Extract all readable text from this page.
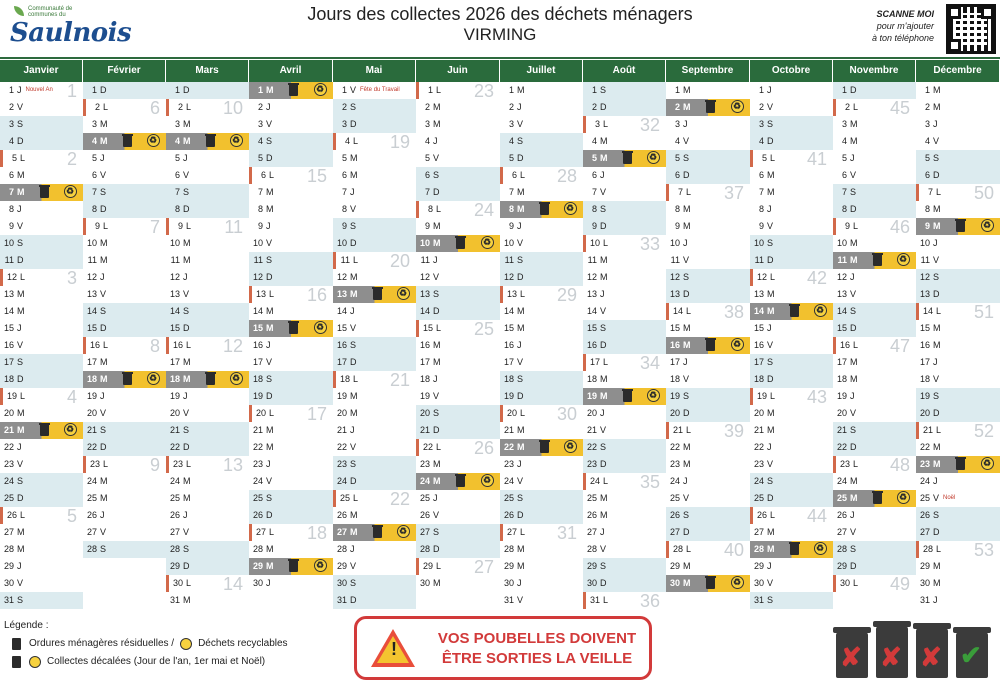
Communauté de communes du
Saulnois
Jours des collectes 2026 des déchets ménagers
VIRMING
SCANNE MOI
pour m'ajouter
à ton téléphone
Janvier
1 J $^{Nouvel An}$ 1
2 V
3 S
4 D
5 L 2
6 M
7 M
♻
8 J
9 V
10 S
11 D
12 L 3
13 M
14 M
15 J
16 V
17 S
18 D
19 L 4
20 M
21 M
♻
22 J
23 V
24 S
25 D
26 L 5
27 M
28 M
29 J
30 V
31 S
Février
1 D
2 L 6
3 M
4 M
♻
5 J
6 V
7 S
8 D
9 L 7
10 M
11 M
12 J
13 V
14 S
15 D
16 L 8
17 M
18 M
♻
19 J
20 V
21 S
22 D
23 L 9
24 M
25 M
26 J
27 V
28 S
Mars
1 D
2 L 10
3 M
4 M
♻
5 J
6 V
7 S
8 D
9 L 11
10 M
11 M
12 J
13 V
14 S
15 D
16 L 12
17 M
18 M
♻
19 J
20 V
21 S
22 D
23 L 13
24 M
25 M
26 J
27 V
28 S
29 D
30 L 14
31 M
Avril
1 M
♻
2 J
3 V
4 S
5 D
6 L 15
7 M
8 M
9 J
10 V
11 S
12 D
13 L 16
14 M
15 M
♻
16 J
17 V
18 S
19 D
20 L 17
21 M
22 M
23 J
24 V
25 S
26 D
27 L 18
28 M
29 M
♻
30 J
Mai
1 V $^{Fête du Travail}$
2 S
3 D
4 L 19
5 M
6 M
7 J
8 V
9 S
10 D
11 L 20
12 M
13 M
♻
14 J
15 V
16 S
17 D
18 L 21
19 M
20 M
21 J
22 V
23 S
24 D
25 L 22
26 M
27 M
♻
28 J
29 V
30 S
31 D
Juin
1 L 23
2 M
3 M
4 J
5 V
6 S
7 D
8 L 24
9 M
10 M
♻
11 J
12 V
13 S
14 D
15 L 25
16 M
17 M
18 J
19 V
20 S
21 D
22 L 26
23 M
24 M
♻
25 J
26 V
27 S
28 D
29 L 27
30 M
Juillet
1 M
2 J
3 V
4 S
5 D
6 L 28
7 M
8 M
♻
9 J
10 V
11 S
12 D
13 L 29
14 M
15 M
16 J
17 V
18 S
19 D
20 L 30
21 M
22 M
♻
23 J
24 V
25 S
26 D
27 L 31
28 M
29 M
30 J
31 V
Août
1 S
2 D
3 L 32
4 M
5 M
♻
6 J
7 V
8 S
9 D
10 L 33
11 M
12 M
13 J
14 V
15 S
16 D
17 L 34
18 M
19 M
♻
20 J
21 V
22 S
23 D
24 L 35
25 M
26 M
27 J
28 V
29 S
30 D
31 L 36
Septembre
1 M
2 M
♻
3 J
4 V
5 S
6 D
7 L 37
8 M
9 M
10 J
11 V
12 S
13 D
14 L 38
15 M
16 M
♻
17 J
18 V
19 S
20 D
21 L 39
22 M
23 M
24 J
25 V
26 S
27 D
28 L 40
29 M
30 M
♻
Octobre
1 J
2 V
3 S
4 D
5 L 41
6 M
7 M
8 J
9 V
10 S
11 D
12 L 42
13 M
14 M
♻
15 J
16 V
17 S
18 D
19 L 43
20 M
21 M
22 J
23 V
24 S
25 D
26 L 44
27 M
28 M
♻
29 J
30 V
31 S
Novembre
1 D
2 L 45
3 M
4 M
5 J
6 V
7 S
8 D
9 L 46
10 M
11 M
♻
12 J
13 V
14 S
15 D
16 L 47
17 M
18 M
19 J
20 V
21 S
22 D
23 L 48
24 M
25 M
♻
26 J
27 V
28 S
29 D
30 L 49
Décembre
1 M
2 M
3 J
4 V
5 S
6 D
7 L 50
8 M
9 M
♻
10 J
11 V
12 S
13 D
14 L 51
15 M
16 M
17 J
18 V
19 S
20 D
21 L 52
22 M
23 M
♻
24 J
25 V $^{Noël}$
26 S
27 D
28 L 53
29 M
30 M
31 J
Légende :
Ordures ménagères résiduelles / Déchets recyclables
Collectes décalées (Jour de l'an, 1er mai et Noël)
!
VOS POUBELLES DOIVENT
ÊTRE SORTIES LA VEILLE	✘ ✘ ✘ ✔
